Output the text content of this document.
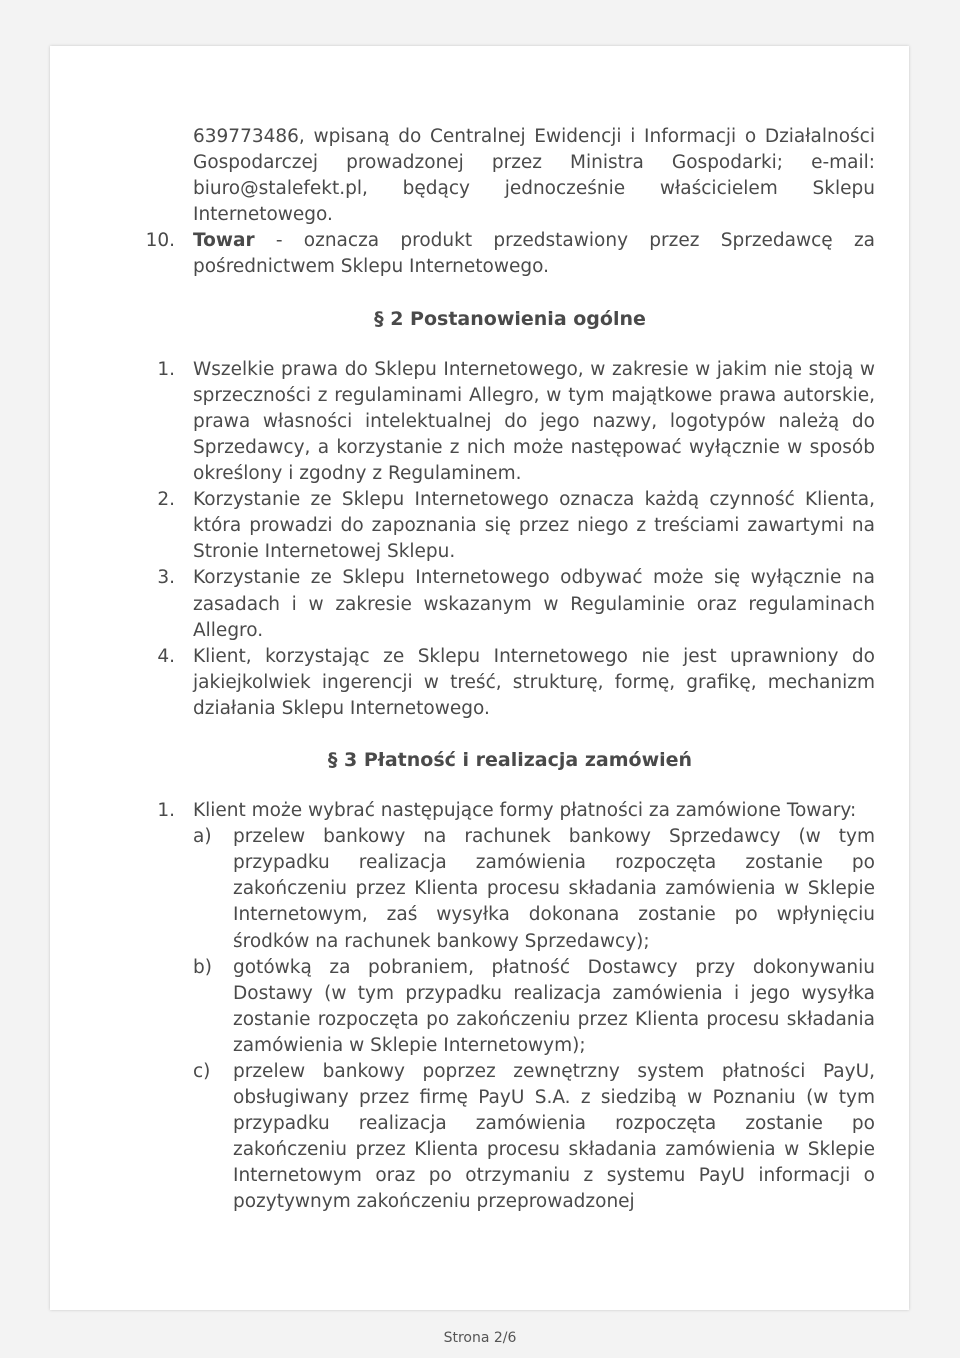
639773486, wpisaną do Centralnej Ewidencji i Informacji o Działalności Gospodarczej prowadzonej przez Ministra Gospodarki; e-mail: biuro@stalefekt.pl, będący jednocześnie właścicielem Sklepu Internetowego.
10. Towar - oznacza produkt przedstawiony przez Sprzedawcę za pośrednictwem Sklepu Internetowego.
§ 2 Postanowienia ogólne
1. Wszelkie prawa do Sklepu Internetowego, w zakresie w jakim nie stoją w sprzeczności z regulaminami Allegro, w tym majątkowe prawa autorskie, prawa własności intelektualnej do jego nazwy, logotypów należą do Sprzedawcy, a korzystanie z nich może następować wyłącznie w sposób określony i zgodny z Regulaminem.
2. Korzystanie ze Sklepu Internetowego oznacza każdą czynność Klienta, która prowadzi do zapoznania się przez niego z treściami zawartymi na Stronie Internetowej Sklepu.
3. Korzystanie ze Sklepu Internetowego odbywać może się wyłącznie na zasadach i w zakresie wskazanym w Regulaminie oraz regulaminach Allegro.
4. Klient, korzystając ze Sklepu Internetowego nie jest uprawniony do jakiejkolwiek ingerencji w treść, strukturę, formę, grafikę, mechanizm działania Sklepu Internetowego.
§ 3 Płatność i realizacja zamówień
1. Klient może wybrać następujące formy płatności za zamówione Towary:
a) przelew bankowy na rachunek bankowy Sprzedawcy (w tym przypadku realizacja zamówienia rozpoczęta zostanie po zakończeniu przez Klienta procesu składania zamówienia w Sklepie Internetowym, zaś wysyłka dokonana zostanie po wpłynięciu środków na rachunek bankowy Sprzedawcy);
b) gotówką za pobraniem, płatność Dostawcy przy dokonywaniu Dostawy (w tym przypadku realizacja zamówienia i jego wysyłka zostanie rozpoczęta po zakończeniu przez Klienta procesu składania zamówienia w Sklepie Internetowym);
c) przelew bankowy poprzez zewnętrzny system płatności PayU, obsługiwany przez firmę PayU S.A. z siedzibą w Poznaniu (w tym przypadku realizacja zamówienia rozpoczęta zostanie po zakończeniu przez Klienta procesu składania zamówienia w Sklepie Internetowym oraz po otrzymaniu z systemu PayU informacji o pozytywnym zakończeniu przeprowadzonej
Strona 2/6
